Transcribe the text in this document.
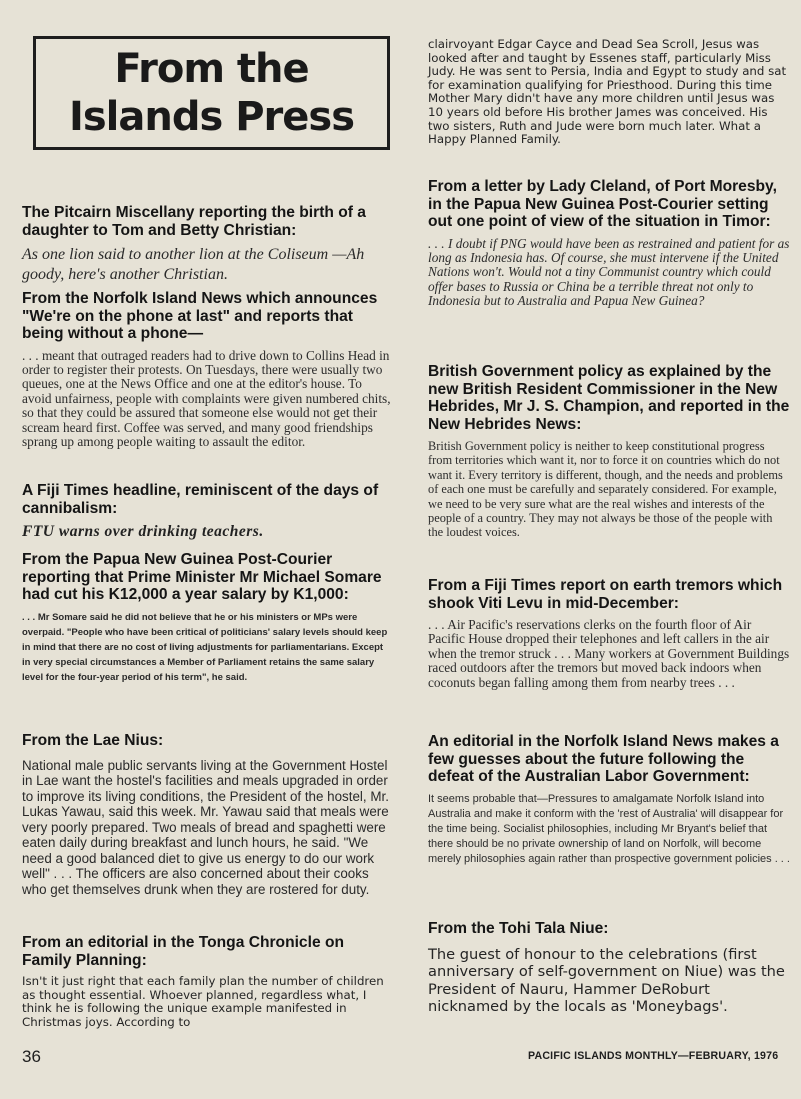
From the
Islands Press

The Pitcairn Miscellany reporting the birth of a daughter to Tom and Betty Christian:

As one lion said to another lion at the Coliseum —Ah goody, here's another Christian.

From the Norfolk Island News which announces "We're on the phone at last" and reports that being without a phone—

. . . meant that outraged readers had to drive down to Collins Head in order to register their protests. On Tuesdays, there were usually two queues, one at the News Office and one at the editor's house. To avoid unfairness, people with complaints were given numbered chits, so that they could be assured that someone else would not get their scream heard first. Coffee was served, and many good friendships sprang up among people waiting to assault the editor.

A Fiji Times headline, reminiscent of the days of cannibalism:

FTU warns over drinking teachers.

From the Papua New Guinea Post-Courier reporting that Prime Minister Mr Michael Somare had cut his K12,000 a year salary by K1,000:

. . . Mr Somare said he did not believe that he or his ministers or MPs were overpaid. "People who have been critical of politicians' salary levels should keep in mind that there are no cost of living adjustments for parliamentarians. Except in very special circumstances a Member of Parliament retains the same salary level for the four-year period of his term", he said.

From the Lae Nius:

National male public servants living at the Government Hostel in Lae want the hostel's facilities and meals upgraded in order to improve its living conditions, the President of the hostel, Mr. Lukas Yawau, said this week. Mr. Yawau said that meals were very poorly prepared. Two meals of bread and spaghetti were eaten daily during breakfast and lunch hours, he said. "We need a good balanced diet to give us energy to do our work well" . . . The officers are also concerned about their cooks who get themselves drunk when they are rostered for duty.

From an editorial in the Tonga Chronicle on Family Planning:

Isn't it just right that each family plan the number of children as thought essential. Whoever planned, regardless what, I think he is following the unique example manifested in Christmas joys. According to

clairvoyant Edgar Cayce and Dead Sea Scroll, Jesus was looked after and taught by Essenes staff, particularly Miss Judy. He was sent to Persia, India and Egypt to study and sat for examination qualifying for Priesthood. During this time Mother Mary didn't have any more children until Jesus was 10 years old before His brother James was conceived. His two sisters, Ruth and Jude were born much later. What a Happy Planned Family.

From a letter by Lady Cleland, of Port Moresby, in the Papua New Guinea Post-Courier setting out one point of view of the situation in Timor:

. . . I doubt if PNG would have been as restrained and patient for as long as Indonesia has. Of course, she must intervene if the United Nations won't. Would not a tiny Communist country which could offer bases to Russia or China be a terrible threat not only to Indonesia but to Australia and Papua New Guinea?

British Government policy as explained by the new British Resident Commissioner in the New Hebrides, Mr J. S. Champion, and reported in the New Hebrides News:

British Government policy is neither to keep constitutional progress from territories which want it, nor to force it on countries which do not want it. Every territory is different, though, and the needs and problems of each one must be carefully and separately considered. For example, we need to be very sure what are the real wishes and interests of the people of a country. They may not always be those of the people with the loudest voices.

From a Fiji Times report on earth tremors which shook Viti Levu in mid-December:

. . . Air Pacific's reservations clerks on the fourth floor of Air Pacific House dropped their telephones and left callers in the air when the tremor struck . . . Many workers at Government Buildings raced outdoors after the tremors but moved back indoors when coconuts began falling among them from nearby trees . . .

An editorial in the Norfolk Island News makes a few guesses about the future following the defeat of the Australian Labor Government:

It seems probable that—Pressures to amalgamate Norfolk Island into Australia and make it conform with the 'rest of Australia' will disappear for the time being. Socialist philosophies, including Mr Bryant's belief that there should be no private ownership of land on Norfolk, will become merely philosophies again rather than prospective government policies . . .

From the Tohi Tala Niue:

The guest of honour to the celebrations (first anniversary of self-government on Niue) was the President of Nauru, Hammer DeRoburt nicknamed by the locals as 'Moneybags'.

36	PACIFIC ISLANDS MONTHLY—FEBRUARY, 1976
